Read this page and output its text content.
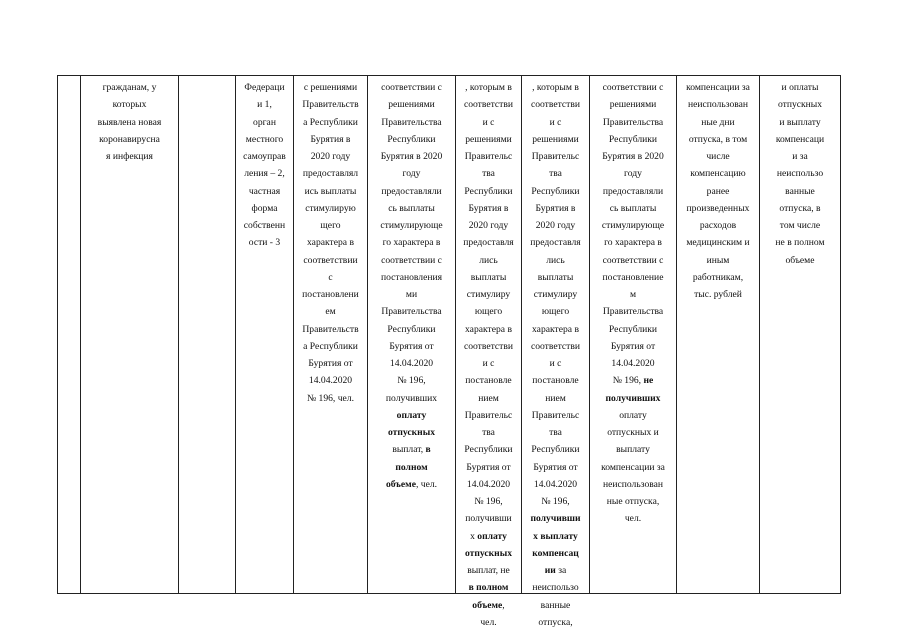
гражданам, у
которых
выявлена новая
коронавирусна
я инфекция
Федераци
и 1,
орган
местного
самоуправ
ления – 2,
частная
форма
собственн
ости - 3
с решениями
Правительств
а Республики
Бурятия в
2020 году
предоставлял
ись выплаты
стимулирую
щего
характера в
соответствии
с
постановлени
ем
Правительств
а Республики
Бурятия от
14.04.2020
№ 196, чел.
соответствии с
решениями
Правительства
Республики
Бурятия в 2020
году
предоставляли
сь выплаты
стимулирующе
го характера в
соответствии с
постановления
ми
Правительства
Республики
Бурятия от
14.04.2020
№ 196,
получивших
оплату
отпускных
выплат, в
полном
объеме, чел.
, которым в
соответстви
и с
решениями
Правительс
тва
Республики
Бурятия в
2020 году
предоставля
лись
выплаты
стимулиру
ющего
характера в
соответстви
и с
постановле
нием
Правительс
тва
Республики
Бурятия от
14.04.2020
№ 196,
получивши
х оплату
отпускных
выплат, не
в полном
объеме,
чел.
, которым в
соответстви
и с
решениями
Правительс
тва
Республики
Бурятия в
2020 году
предоставля
лись
выплаты
стимулиру
ющего
характера в
соответстви
и с
постановле
нием
Правительс
тва
Республики
Бурятия от
14.04.2020
№ 196,
получивши
х выплату
компенсац
ии за
неиспользо
ванные
отпуска,
соответствии с
решениями
Правительства
Республики
Бурятия в 2020
году
предоставляли
сь выплаты
стимулирующе
го характера в
соответствии с
постановление
м
Правительства
Республики
Бурятия от
14.04.2020
№ 196, не
получивших
оплату
отпускных и
выплату
компенсации за
неиспользован
ные отпуска,
чел.
компенсации за
неиспользован
ные дни
отпуска, в том
числе
компенсацию
ранее
произведенных
расходов
медицинским и
иным
работникам,
тыс. рублей
и оплаты
отпускных
и выплату
компенсаци
и за
неиспользо
ванные
отпуска, в
том числе
не в полном
объеме
